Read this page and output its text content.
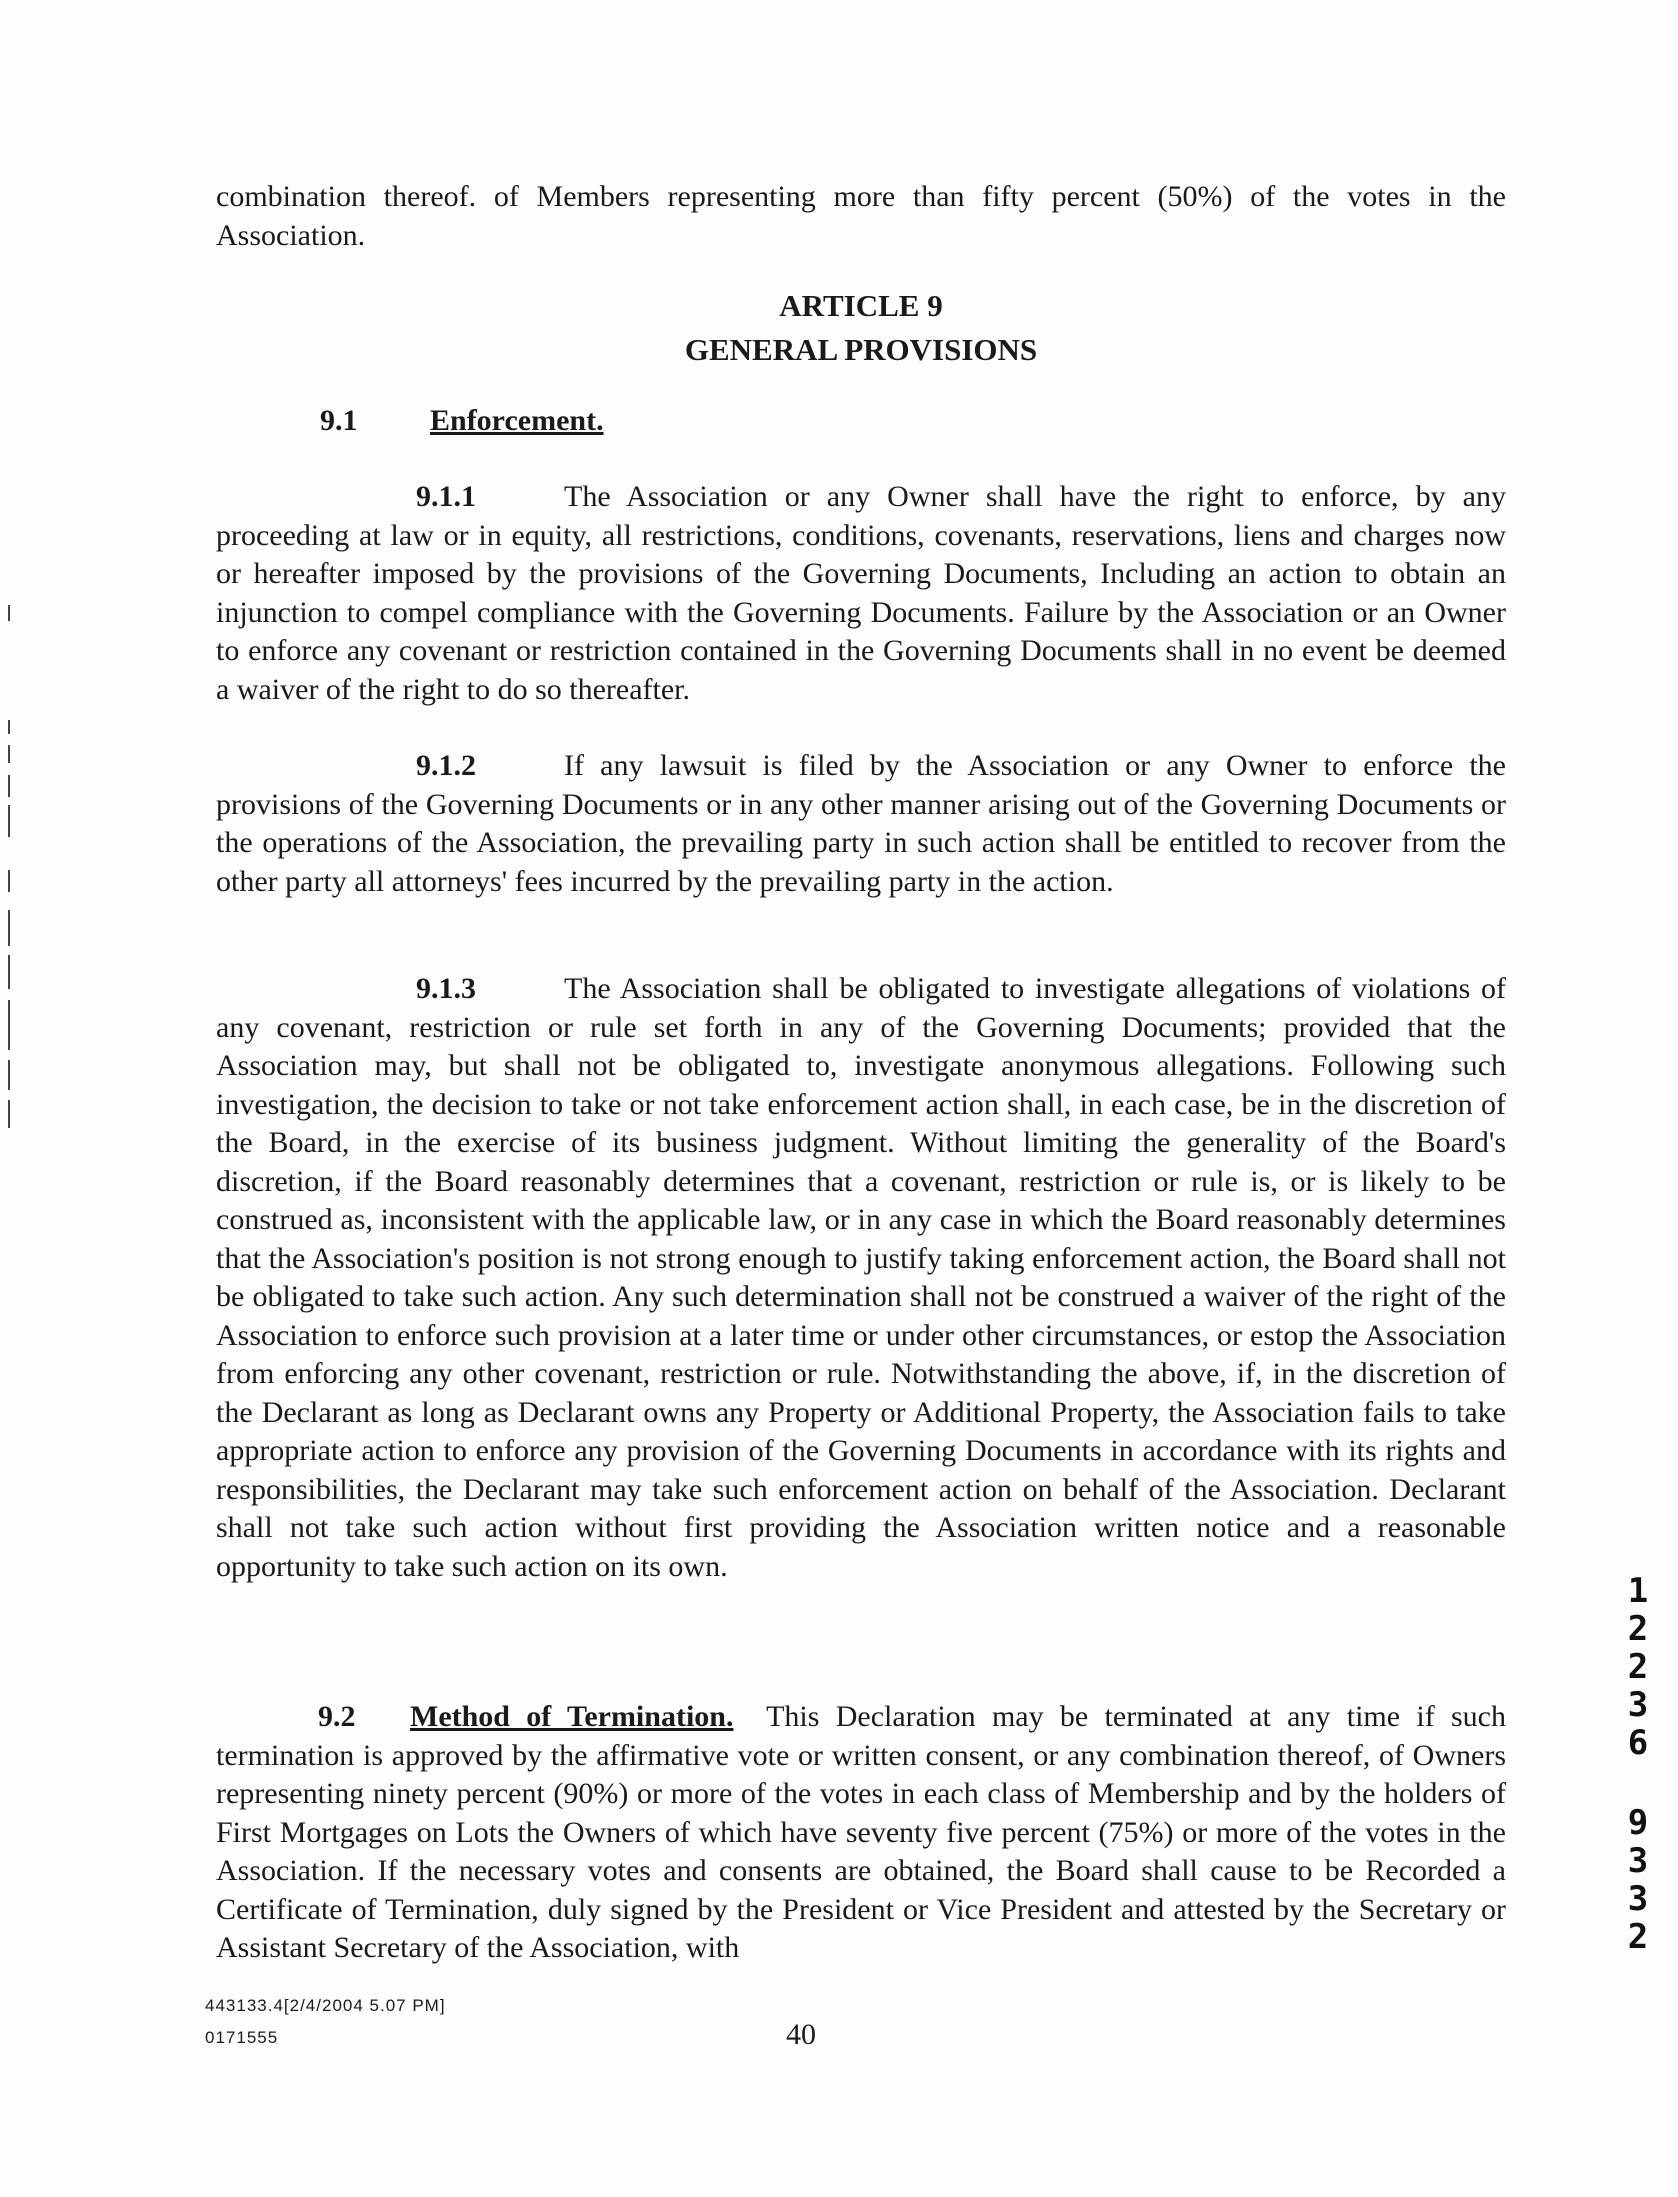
combination thereof. of Members representing more than fifty percent (50%) of the votes in the Association.
ARTICLE 9
GENERAL PROVISIONS
9.1 Enforcement.
9.1.1	The Association or any Owner shall have the right to enforce, by any proceeding at law or in equity, all restrictions, conditions, covenants, reservations, liens and charges now or hereafter imposed by the provisions of the Governing Documents, Including an action to obtain an injunction to compel compliance with the Governing Documents. Failure by the Association or an Owner to enforce any covenant or restriction contained in the Governing Documents shall in no event be deemed a waiver of the right to do so thereafter.
9.1.2	If any lawsuit is filed by the Association or any Owner to enforce the provisions of the Governing Documents or in any other manner arising out of the Governing Documents or the operations of the Association, the prevailing party in such action shall be entitled to recover from the other party all attorneys' fees incurred by the prevailing party in the action.
9.1.3	The Association shall be obligated to investigate allegations of violations of any covenant, restriction or rule set forth in any of the Governing Documents; provided that the Association may, but shall not be obligated to, investigate anonymous allegations. Following such investigation, the decision to take or not take enforcement action shall, in each case, be in the discretion of the Board, in the exercise of its business judgment. Without limiting the generality of the Board's discretion, if the Board reasonably determines that a covenant, restriction or rule is, or is likely to be construed as, inconsistent with the applicable law, or in any case in which the Board reasonably determines that the Association's position is not strong enough to justify taking enforcement action, the Board shall not be obligated to take such action. Any such determination shall not be construed a waiver of the right of the Association to enforce such provision at a later time or under other circumstances, or estop the Association from enforcing any other covenant, restriction or rule. Notwithstanding the above, if, in the discretion of the Declarant as long as Declarant owns any Property or Additional Property, the Association fails to take appropriate action to enforce any provision of the Governing Documents in accordance with its rights and responsibilities, the Declarant may take such enforcement action on behalf of the Association. Declarant shall not take such action without first providing the Association written notice and a reasonable opportunity to take such action on its own.
9.2 Method of Termination. This Declaration may be terminated at any time if such termination is approved by the affirmative vote or written consent, or any combination thereof, of Owners representing ninety percent (90%) or more of the votes in each class of Membership and by the holders of First Mortgages on Lots the Owners of which have seventy five percent (75%) or more of the votes in the Association. If the necessary votes and consents are obtained, the Board shall cause to be Recorded a Certificate of Termination, duly signed by the President or Vice President and attested by the Secretary or Assistant Secretary of the Association, with
443133.4[2/4/2004 5.07 PM]
0171555	40
1
2
2
3
6
9
3
3
2
